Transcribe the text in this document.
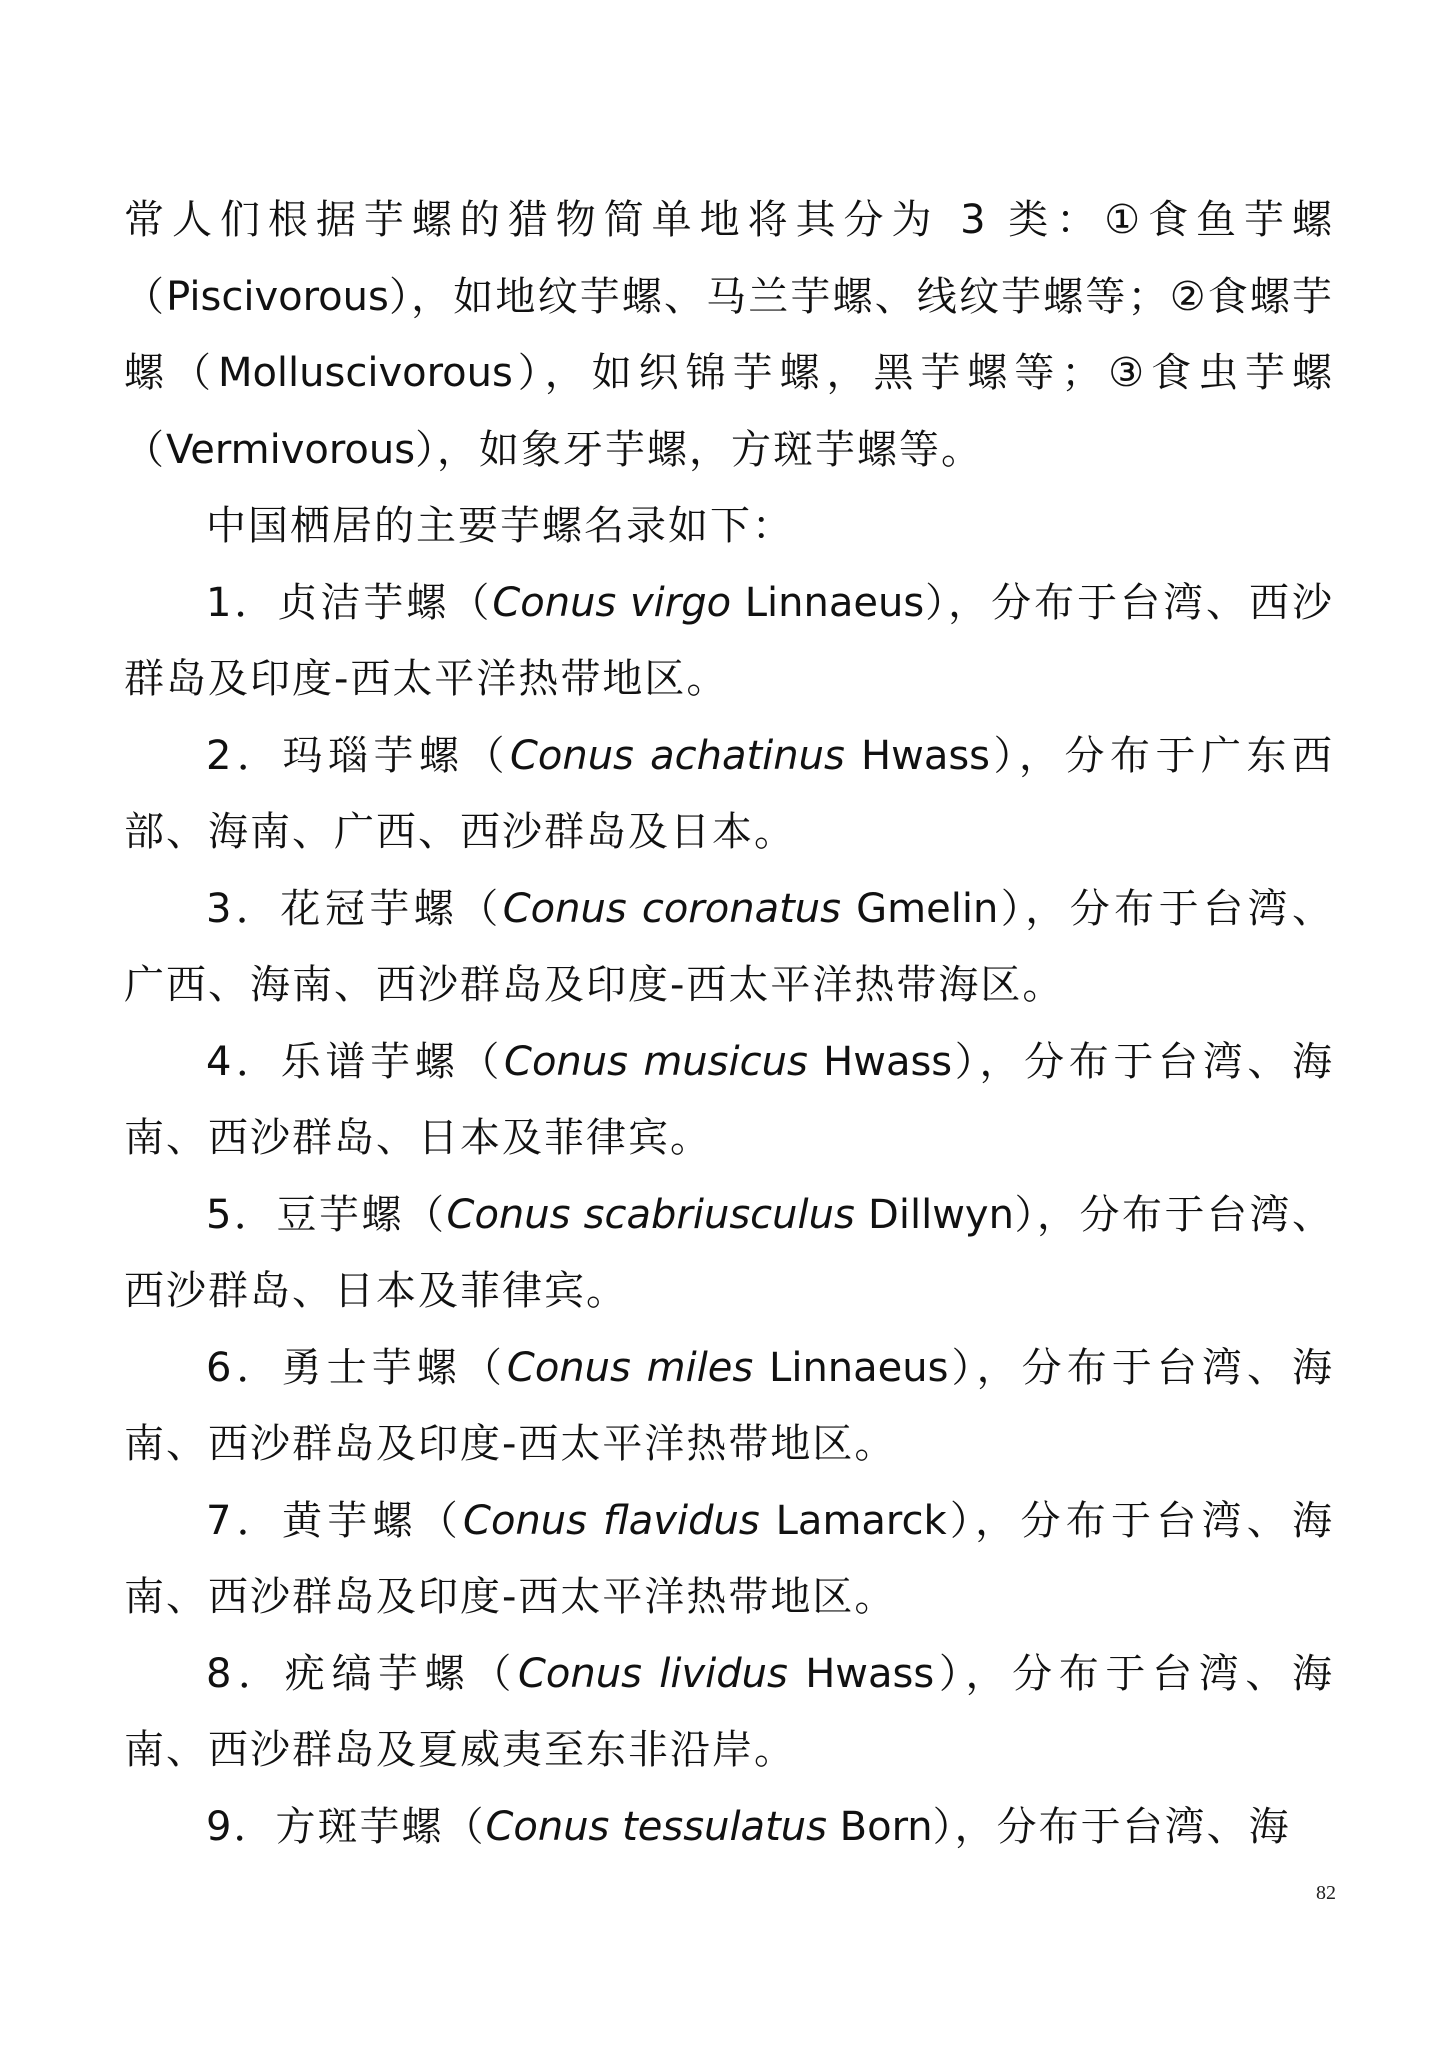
常人们根据芋螺的猎物简单地将其分为 3 类：①食鱼芋螺（Piscivorous），如地纹芋螺、马兰芋螺、线纹芋螺等；②食螺芋螺（Molluscivorous），如织锦芋螺，黑芋螺等；③食虫芋螺（Vermivorous），如象牙芋螺，方斑芋螺等。

中国栖居的主要芋螺名录如下：

1．贞洁芋螺（Conus virgo Linnaeus），分布于台湾、西沙群岛及印度-西太平洋热带地区。

2．玛瑙芋螺（Conus achatinus Hwass），分布于广东西部、海南、广西、西沙群岛及日本。

3．花冠芋螺（Conus coronatus Gmelin），分布于台湾、广西、海南、西沙群岛及印度-西太平洋热带海区。

4．乐谱芋螺（Conus musicus Hwass），分布于台湾、海南、西沙群岛、日本及菲律宾。

5．豆芋螺（Conus scabriusculus Dillwyn），分布于台湾、西沙群岛、日本及菲律宾。

6．勇士芋螺（Conus miles Linnaeus），分布于台湾、海南、西沙群岛及印度-西太平洋热带地区。

7．黄芋螺（Conus flavidus Lamarck），分布于台湾、海南、西沙群岛及印度-西太平洋热带地区。

8．疣缟芋螺（Conus lividus Hwass），分布于台湾、海南、西沙群岛及夏威夷至东非沿岸。

9．方斑芋螺（Conus tessulatus Born），分布于台湾、海

82
